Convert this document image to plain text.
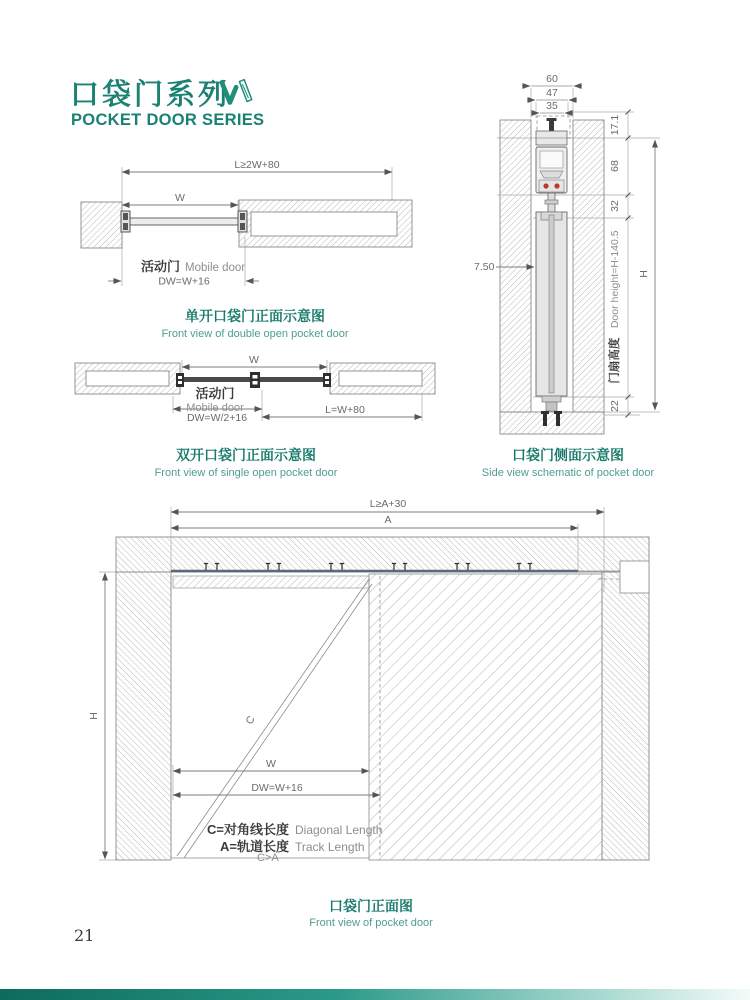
L≥2W+80
W
DW=W+16
W
DW=W/2+16
L=W+80
60
47
35
7.50
17.1
68
32
门扇高度 Door height=H-140.5
22
H
L≥A+30
A
H	C
W
DW=W+16
口袋门系列
POCKET DOOR SERIES
活动门 Mobile door
单开口袋门正面示意图
Front view of double open pocket door
活动门
Mobile door
双开口袋门正面示意图
Front view of single open pocket door
口袋门侧面示意图
Side view schematic of pocket door
C=对角线长度 Diagonal Length
A=轨道长度 Track Length
C>A
口袋门正面图
Front view of pocket door
21
